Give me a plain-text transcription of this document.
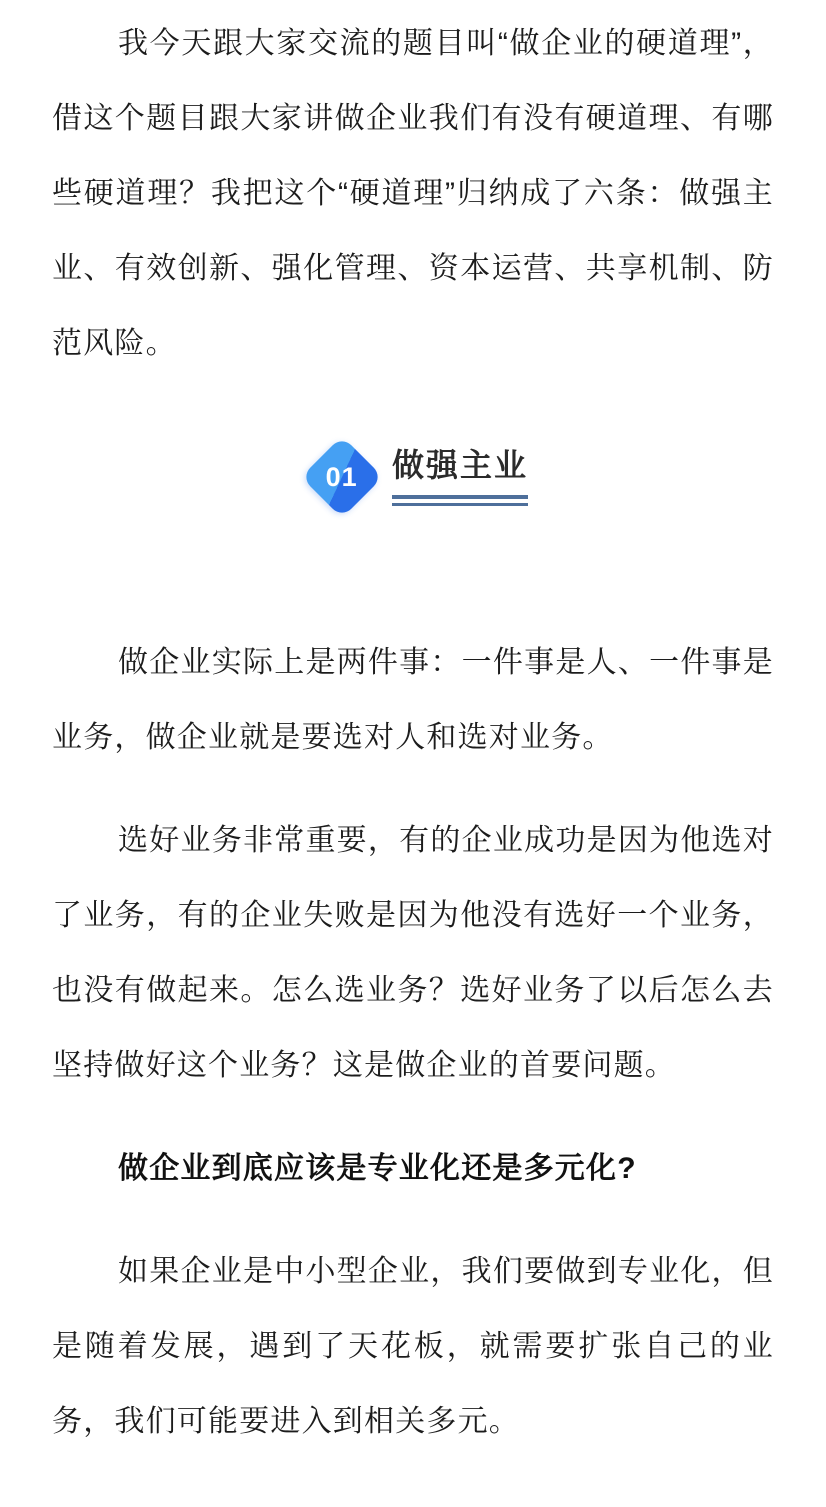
我今天跟大家交流的题目叫“做企业的硬道理”，借这个题目跟大家讲做企业我们有没有硬道理、有哪些硬道理？我把这个“硬道理”归纳成了六条：做强主业、有效创新、强化管理、资本运营、共享机制、防范风险。

01 做强主业

做企业实际上是两件事：一件事是人、一件事是业务，做企业就是要选对人和选对业务。

选好业务非常重要，有的企业成功是因为他选对了业务，有的企业失败是因为他没有选好一个业务，也没有做起来。怎么选业务？选好业务了以后怎么去坚持做好这个业务？这是做企业的首要问题。

做企业到底应该是专业化还是多元化?

如果企业是中小型企业，我们要做到专业化，但是随着发展，遇到了天花板，就需要扩张自己的业务，我们可能要进入到相关多元。
